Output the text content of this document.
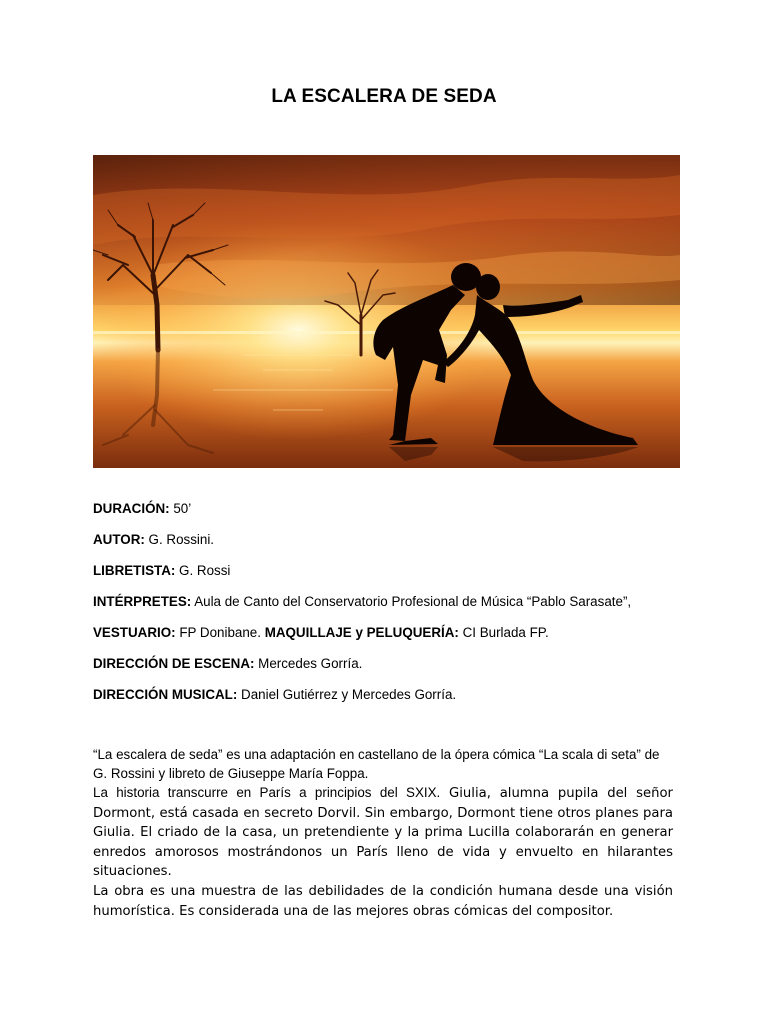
LA ESCALERA DE SEDA
DURACIÓN: 50’
AUTOR: G. Rossini.
LIBRETISTA: G. Rossi
INTÉRPRETES: Aula de Canto del Conservatorio Profesional de Música “Pablo Sarasate”,
VESTUARIO: FP Donibane. MAQUILLAJE y PELUQUERÍA: CI Burlada FP.
DIRECCIÓN DE ESCENA: Mercedes Gorría.
DIRECCIÓN MUSICAL: Daniel Gutiérrez y Mercedes Gorría.

“La escalera de seda” es una adaptación en castellano de la ópera cómica “La scala di seta” de G. Rossini y libreto de Giuseppe María Foppa.

La historia transcurre en París a principios del SXIX. Giulia, alumna pupila del señor Dormont, está casada en secreto Dorvil. Sin embargo, Dormont tiene otros planes para Giulia. El criado de la casa, un pretendiente y la prima Lucilla colaborarán en generar enredos amorosos mostrándonos un París lleno de vida y envuelto en hilarantes situaciones.

La obra es una muestra de las debilidades de la condición humana desde una visión humorística. Es considerada una de las mejores obras cómicas del compositor.
